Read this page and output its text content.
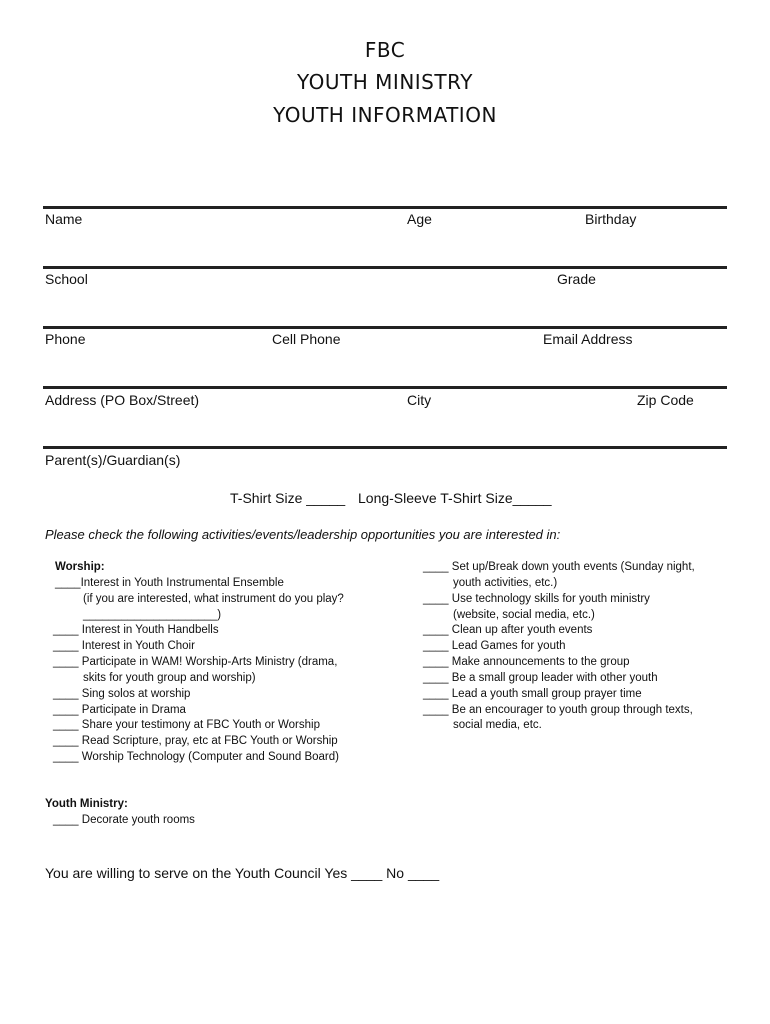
FBC
YOUTH MINISTRY
YOUTH INFORMATION
Name	Age	Birthday
School	Grade
Phone	Cell Phone	Email Address
Address (PO Box/Street)	City	Zip Code
Parent(s)/Guardian(s)
T-Shirt Size _____ Long-Sleeve T-Shirt Size_____
Please check the following activities/events/leadership opportunities you are interested in:
Worship:
____Interest in Youth Instrumental Ensemble
(if you are interested, what instrument do you play?
_____________________)
____ Interest in Youth Handbells
____ Interest in Youth Choir
____ Participate in WAM! Worship-Arts Ministry (drama,
skits for youth group and worship)
____ Sing solos at worship
____ Participate in Drama
____ Share your testimony at FBC Youth or Worship
____ Read Scripture, pray, etc at FBC Youth or Worship
____ Worship Technology (Computer and Sound Board)
____ Set up/Break down youth events (Sunday night,
youth activities, etc.)
____ Use technology skills for youth ministry
(website, social media, etc.)
____ Clean up after youth events
____ Lead Games for youth
____ Make announcements to the group
____ Be a small group leader with other youth
____ Lead a youth small group prayer time
____ Be an encourager to youth group through texts,
social media, etc.
Youth Ministry:
____ Decorate youth rooms
You are willing to serve on the Youth Council Yes ____ No ____
